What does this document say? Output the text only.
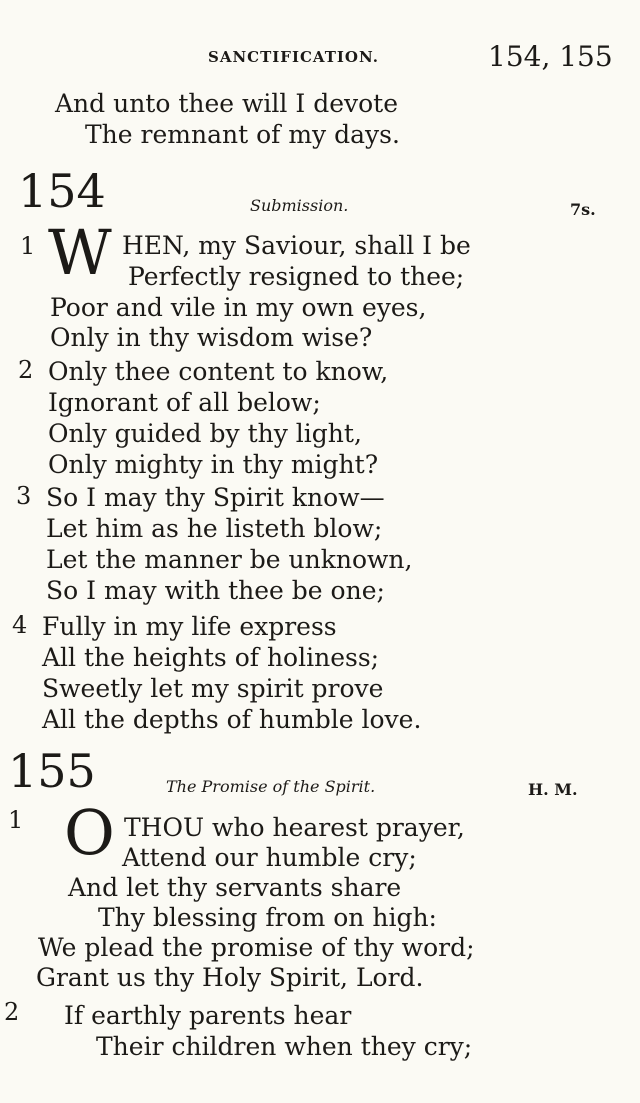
SANCTIFICATION.	154, 155
And unto thee will I devote
The remnant of my days.
154	Submission.	7s.
1 W HEN, my Saviour, shall I be
Perfectly resigned to thee;
Poor and vile in my own eyes,
Only in thy wisdom wise?
2 Only thee content to know,
Ignorant of all below;
Only guided by thy light,
Only mighty in thy might?
3 So I may thy Spirit know—
Let him as he listeth blow;
Let the manner be unknown,
So I may with thee be one;
4 Fully in my life express
All the heights of holiness;
Sweetly let my spirit prove
All the depths of humble love.
155	The Promise of the Spirit.	H. M.
1 O THOU who hearest prayer,
Attend our humble cry;
And let thy servants share
Thy blessing from on high:
We plead the promise of thy word;
Grant us thy Holy Spirit, Lord.
2 If earthly parents hear
Their children when they cry;
